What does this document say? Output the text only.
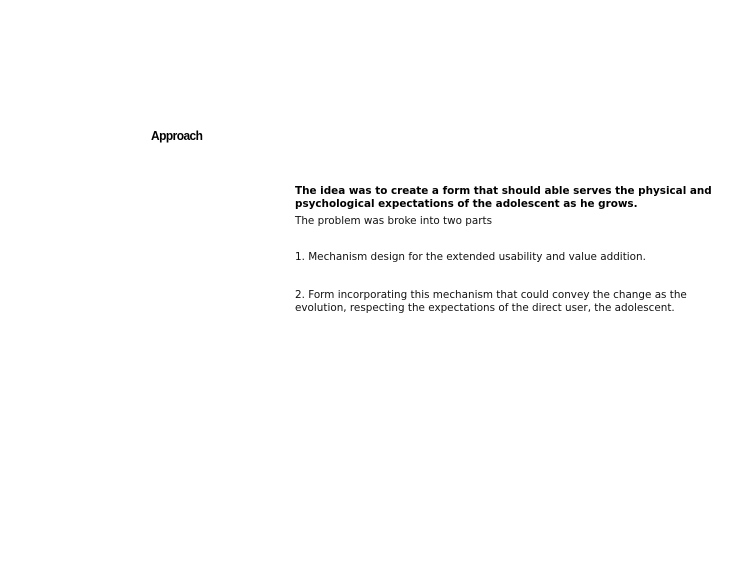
Approach

The idea was to create a form that should able serves the physical and psychological expectations of the adolescent as he grows.

The problem was broke into two parts

1. Mechanism design for the extended usability and value addition.

2. Form incorporating this mechanism that could convey the change as the evolution, respecting the expectations of the direct user, the adolescent.
